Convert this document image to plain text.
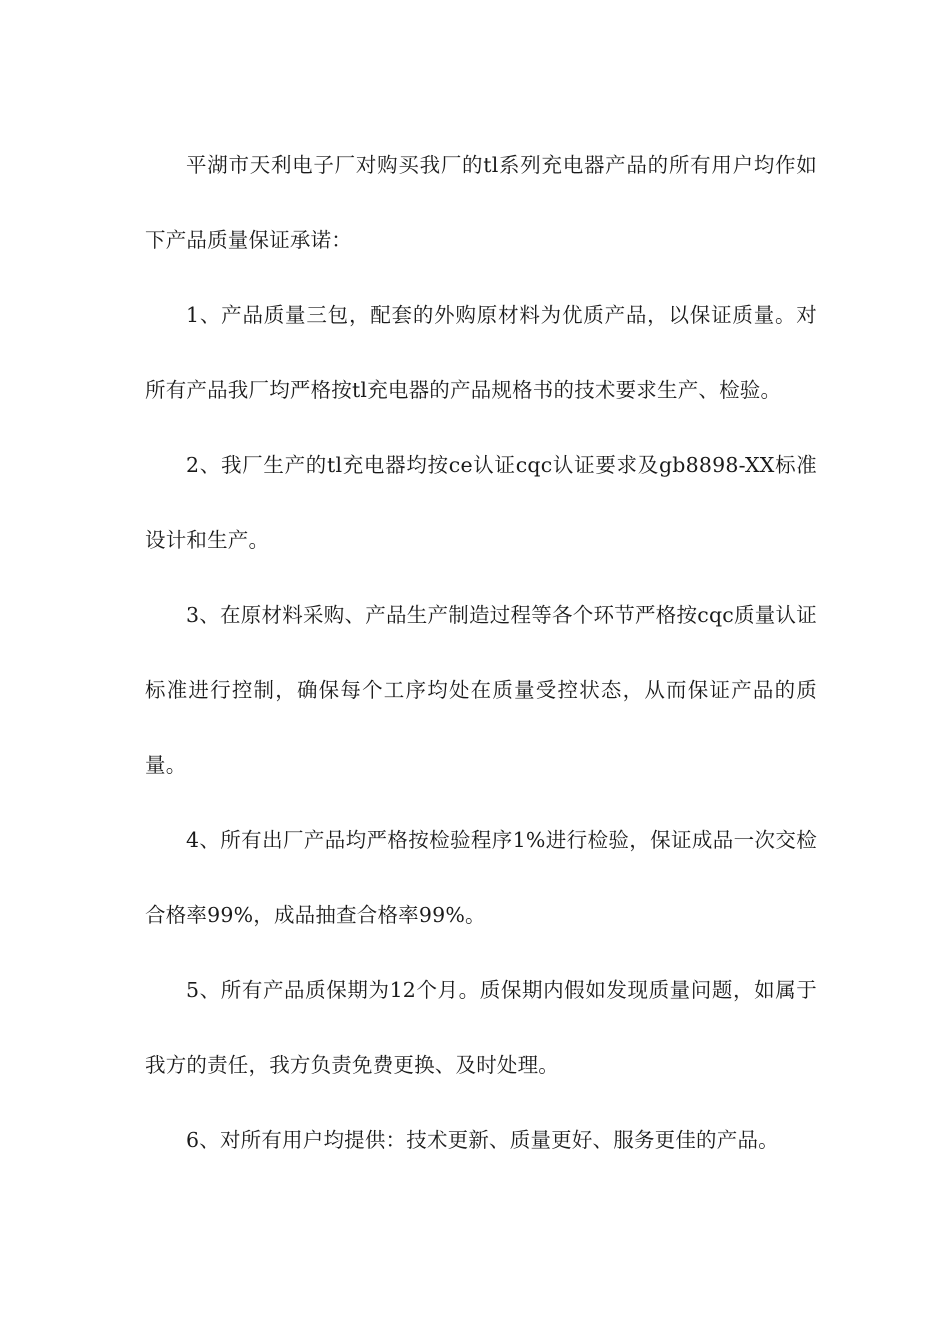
平湖市天利电子厂对购买我厂的tl系列充电器产品的所有用户均作如下产品质量保证承诺：

1、产品质量三包，配套的外购原材料为优质产品，以保证质量。对所有产品我厂均严格按tl充电器的产品规格书的技术要求生产、检验。

2、我厂生产的tl充电器均按ce认证cqc认证要求及gb8898-XX标准设计和生产。

3、在原材料采购、产品生产制造过程等各个环节严格按cqc质量认证标准进行控制，确保每个工序均处在质量受控状态，从而保证产品的质量。

4、所有出厂产品均严格按检验程序1%进行检验，保证成品一次交检合格率99%，成品抽查合格率99%。

5、所有产品质保期为12个月。质保期内假如发现质量问题，如属于我方的责任，我方负责免费更换、及时处理。

6、对所有用户均提供：技术更新、质量更好、服务更佳的产品。
